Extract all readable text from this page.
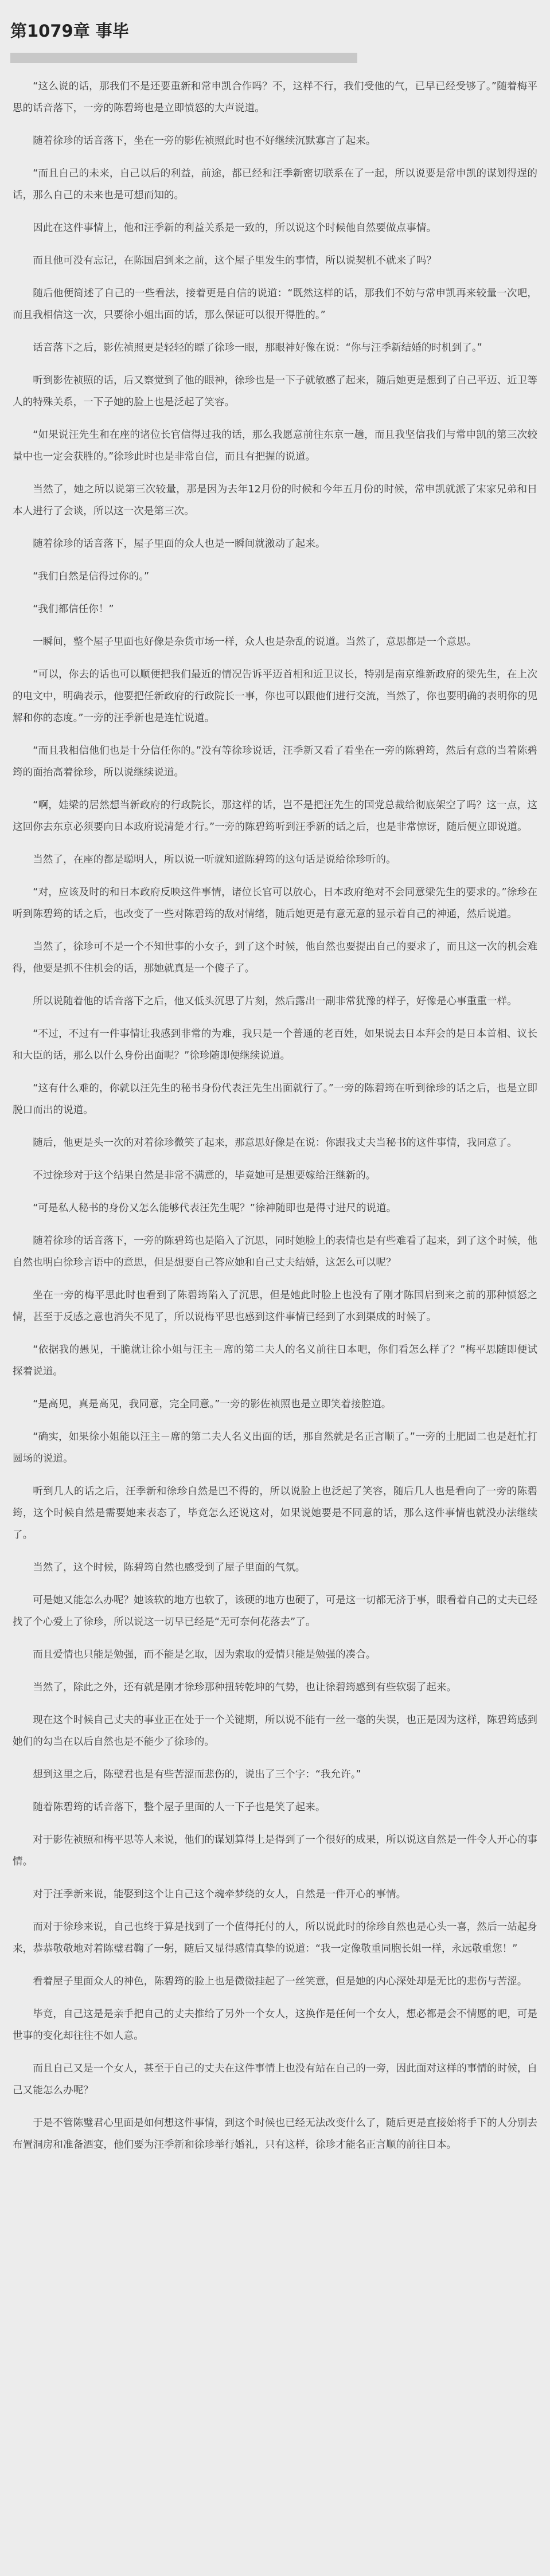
第1079章 事毕

“这么说的话，那我们不是还要重新和常申凯合作吗？不，这样不行，我们受他的气，已早已经受够了。”随着梅平思的话音落下，一旁的陈碧筠也是立即愤怒的大声说道。

随着徐珍的话音落下，坐在一旁的影佐祯照此时也不好继续沉默寡言了起来。

“而且自己的未来，自己以后的利益，前途，都已经和汪季新密切联系在了一起，所以说要是常申凯的谋划得逞的话，那么自己的未来也是可想而知的。

因此在这件事情上，他和汪季新的利益关系是一致的，所以说这个时候他自然要做点事情。

而且他可没有忘记，在陈国启到来之前，这个屋子里发生的事情，所以说契机不就来了吗？

随后他便简述了自己的一些看法，接着更是自信的说道：“既然这样的话，那我们不妨与常申凯再来较量一次吧，而且我相信这一次，只要徐小姐出面的话，那么保证可以很开得胜的。”

话音落下之后，影佐祯照更是轻轻的瞟了徐珍一眼，那眼神好像在说：“你与汪季新结婚的时机到了。”

听到影佐祯照的话，后又察觉到了他的眼神，徐珍也是一下子就敏感了起来，随后她更是想到了自己平迈、近卫等人的特殊关系，一下子她的脸上也是泛起了笑容。

“如果说汪先生和在座的诸位长官信得过我的话，那么我愿意前往东京一趟，而且我坚信我们与常申凯的第三次较量中也一定会获胜的。”徐珍此时也是非常自信，而且有把握的说道。

当然了，她之所以说第三次较量，那是因为去年12月份的时候和今年五月份的时候，常申凯就派了宋家兄弟和日本人进行了会谈，所以这一次是第三次。

随着徐珍的话音落下，屋子里面的众人也是一瞬间就激动了起来。

“我们自然是信得过你的。”

“我们都信任你！”

一瞬间，整个屋子里面也好像是杂货市场一样，众人也是杂乱的说道。当然了，意思都是一个意思。

“可以，你去的话也可以顺便把我们最近的情况告诉平迈首相和近卫议长，特别是南京维新政府的梁先生，在上次的电文中，明确表示，他要把任新政府的行政院长一事，你也可以跟他们进行交流，当然了，你也要明确的表明你的见解和你的态度。”一旁的汪季新也是连忙说道。

“而且我相信他们也是十分信任你的。”没有等徐珍说话，汪季新又看了看坐在一旁的陈碧筠，然后有意的当着陈碧筠的面抬高着徐珍，所以说继续说道。

“啊，娃梁的居然想当新政府的行政院长，那这样的话，岂不是把汪先生的国党总裁给彻底架空了吗？这一点，这这回你去东京必须要向日本政府说清楚才行。”一旁的陈碧筠听到汪季新的话之后，也是非常惊讶，随后便立即说道。

当然了，在座的都是聪明人，所以说一听就知道陈碧筠的这句话是说给徐珍听的。

“对，应该及时的和日本政府反映这件事情，诸位长官可以放心，日本政府绝对不会同意梁先生的要求的。”徐珍在听到陈碧筠的话之后，也改变了一些对陈碧筠的敌对情绪，随后她更是有意无意的显示着自己的神通，然后说道。

当然了，徐珍可不是一个不知世事的小女子，到了这个时候，他自然也要提出自己的要求了，而且这一次的机会难得，他要是抓不住机会的话，那她就真是一个傻子了。

所以说随着他的话音落下之后，他又低头沉思了片刻，然后露出一副非常犹豫的样子，好像是心事重重一样。

“不过，不过有一件事情让我感到非常的为难，我只是一个普通的老百姓，如果说去日本拜会的是日本首相、议长和大臣的话，那么以什么身份出面呢？”徐珍随即便继续说道。

“这有什么难的，你就以汪先生的秘书身份代表汪先生出面就行了。”一旁的陈碧筠在听到徐珍的话之后，也是立即脱口而出的说道。

随后，他更是头一次的对着徐珍微笑了起来，那意思好像是在说：你跟我丈夫当秘书的这件事情，我同意了。

不过徐珍对于这个结果自然是非常不满意的，毕竟她可是想要嫁给汪继新的。

“可是私人秘书的身份又怎么能够代表汪先生呢？”徐神随即也是得寸进尺的说道。

随着徐珍的话音落下，一旁的陈碧筠也是陷入了沉思，同时她脸上的表情也是有些难看了起来，到了这个时候，他自然也明白徐珍言语中的意思，但是想要自己答应她和自己丈夫结婚，这怎么可以呢？

坐在一旁的梅平思此时也看到了陈碧筠陷入了沉思，但是她此时脸上也没有了刚才陈国启到来之前的那种愤怒之情，甚至于反感之意也消失不见了，所以说梅平思也感到这件事情已经到了水到渠成的时候了。

“依据我的愚见，干脆就让徐小姐与汪主－席的第二夫人的名义前往日本吧，你们看怎么样了？”梅平思随即便试探着说道。

“是高见，真是高见，我同意，完全同意。”一旁的影佐祯照也是立即笑着接腔道。

“确实，如果徐小姐能以汪主－席的第二夫人名义出面的话，那自然就是名正言顺了。”一旁的土肥固二也是赶忙打圆场的说道。

听到几人的话之后，汪季新和徐珍自然是巴不得的，所以说脸上也泛起了笑容，随后几人也是看向了一旁的陈碧筠，这个时候自然是需要她来表态了，毕竟怎么还说这对，如果说她要是不同意的话，那么这件事情也就没办法继续了。

当然了，这个时候，陈碧筠自然也感受到了屋子里面的气氛。

可是她又能怎么办呢？她该软的地方也软了，该硬的地方也硬了，可是这一切都无济于事，眼看着自己的丈夫已经找了个心爱上了徐珍，所以说这一切早已经是“无可奈何花落去”了。

而且爱情也只能是勉强，而不能是乞取，因为索取的爱情只能是勉强的凑合。

当然了，除此之外，还有就是刚才徐珍那种扭转乾坤的气势，也让徐碧筠感到有些软弱了起来。

现在这个时候自己丈夫的事业正在处于一个关键期，所以说不能有一丝一毫的失误，也正是因为这样，陈碧筠感到她们的勾当在以后自然也是不能少了徐珍的。

想到这里之后，陈璧君也是有些苦涩而悲伤的，说出了三个字：“我允许。”

随着陈碧筠的话音落下，整个屋子里面的人一下子也是笑了起来。

对于影佐祯照和梅平思等人来说，他们的谋划算得上是得到了一个很好的成果，所以说这自然是一件令人开心的事情。

对于汪季新来说，能娶到这个让自己这个魂牵梦绕的女人，自然是一件开心的事情。

而对于徐珍来说，自己也终于算是找到了一个值得托付的人，所以说此时的徐珍自然也是心头一喜，然后一站起身来，恭恭敬敬地对着陈璧君鞠了一躬，随后又显得感情真挚的说道：“我一定像敬重同胞长姐一样，永远敬重您！”

看着屋子里面众人的神色，陈碧筠的脸上也是微微挂起了一丝笑意，但是她的内心深处却是无比的悲伤与苦涩。

毕竟，自己这是是亲手把自己的丈夫推给了另外一个女人，这换作是任何一个女人，想必都是会不情愿的吧，可是世事的变化却往往不如人意。

而且自己又是一个女人，甚至于自己的丈夫在这件事情上也没有站在自己的一旁，因此面对这样的事情的时候，自己又能怎么办呢？

于是不管陈璧君心里面是如何想这件事情，到这个时候也已经无法改变什么了，随后更是直接始将手下的人分别去布置洞房和准备酒宴，他们要为汪季新和徐珍举行婚礼，只有这样，徐珍才能名正言顺的前往日本。
